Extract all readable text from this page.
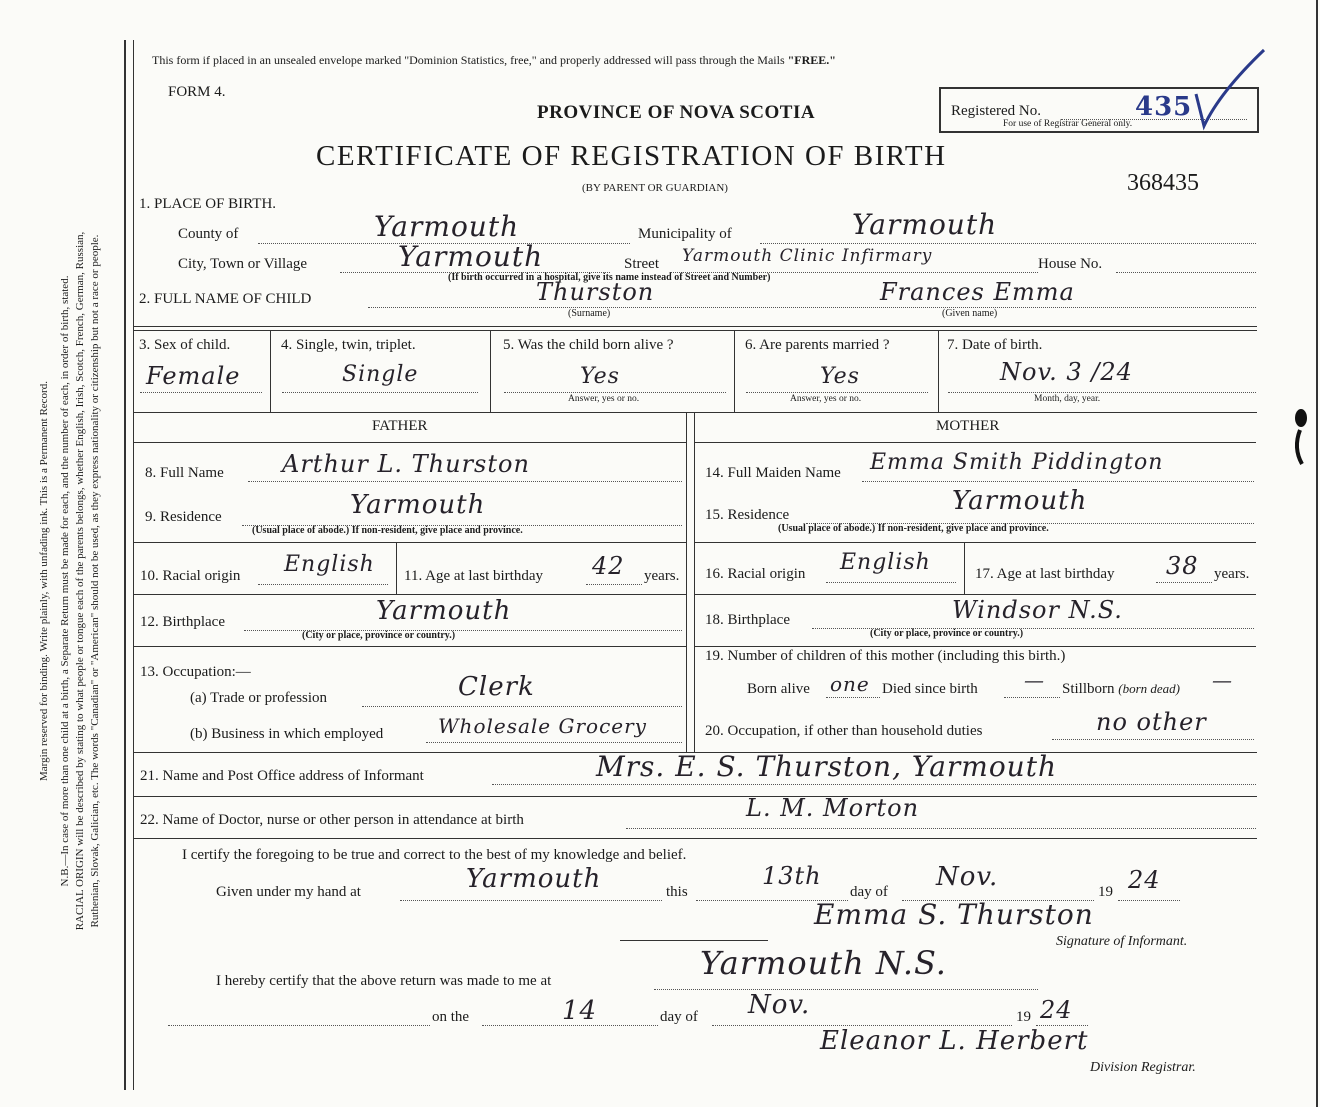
Margin reserved for binding. Write plainly, with unfading ink. This is a Permanent Record. N.B.—In case of more than one child at a birth, a Separate Return must be made for each, and the number of each, in order of birth, stated. RACIAL ORIGIN will be described by stating to what people or tongue each of the parents belongs, whether English, Irish, Scotch, French, German, Russian, Ruthenian, Slovak, Galician, etc. The words "Canadian" or "American" should not be used, as they express nationality or citizenship but not a race or people.
This form if placed in an unsealed envelope marked "Dominion Statistics, free," and properly addressed will pass through the Mails "FREE."
FORM 4.
PROVINCE OF NOVA SCOTIA
CERTIFICATE OF REGISTRATION OF BIRTH
(BY PARENT OR GUARDIAN)
Registered No.	435
For use of Registrar General only.
368435
1. PLACE OF BIRTH.
County of	Yarmouth	Municipality of	Yarmouth
City, Town or Village	Yarmouth	Street Yarmouth Clinic Infirmary	House No.
(If birth occurred in a hospital, give its name instead of Street and Number)
2. FULL NAME OF CHILD	Thurston	Frances Emma
(Surname)	(Given name)
3. Sex of child.
Female
4. Single, twin, triplet.
Single
5. Was the child born alive ?
Yes
Answer, yes or no.
6. Are parents married ?
Yes
Answer, yes or no.
7. Date of birth.
Nov. 3 /24
Month, day, year.
FATHER	MOTHER
8. Full Name Arthur L. Thurston	14. Full Maiden Name Emma Smith Piddington
9. Residence	Yarmouth
(Usual place of abode.) If non-resident, give place and province.
15. Residence	Yarmouth
(Usual place of abode.) If non-resident, give place and province.
10. Racial origin English 11. Age at last birthday 42 years. 16. Racial origin English	17. Age at last birthday 38 years.
12. Birthplace	Yarmouth
(City or place, province or country.)
18. Birthplace	Windsor N.S.
(City or place, province or country.)
13. Occupation:—
(a) Trade or profession	Clerk
(b) Business in which employed	Wholesale Grocery
19. Number of children of this mother (including this birth.)
Born alive one Died since birth — Stillborn (born dead) —
20. Occupation, if other than household duties	no other
21. Name and Post Office address of Informant	Mrs. E. S. Thurston, Yarmouth
22. Name of Doctor, nurse or other person in attendance at birth	L. M. Morton
I certify the foregoing to be true and correct to the best of my knowledge and belief.
Given under my hand at	Yarmouth	this
13th
day of Nov.	19 24
Emma S. Thurston
Signature of Informant.
I hereby certify that the above return was made to me at	Yarmouth N.S.
on the	14	day of Nov.	19 24
Eleanor L. Herbert
Division Registrar.
